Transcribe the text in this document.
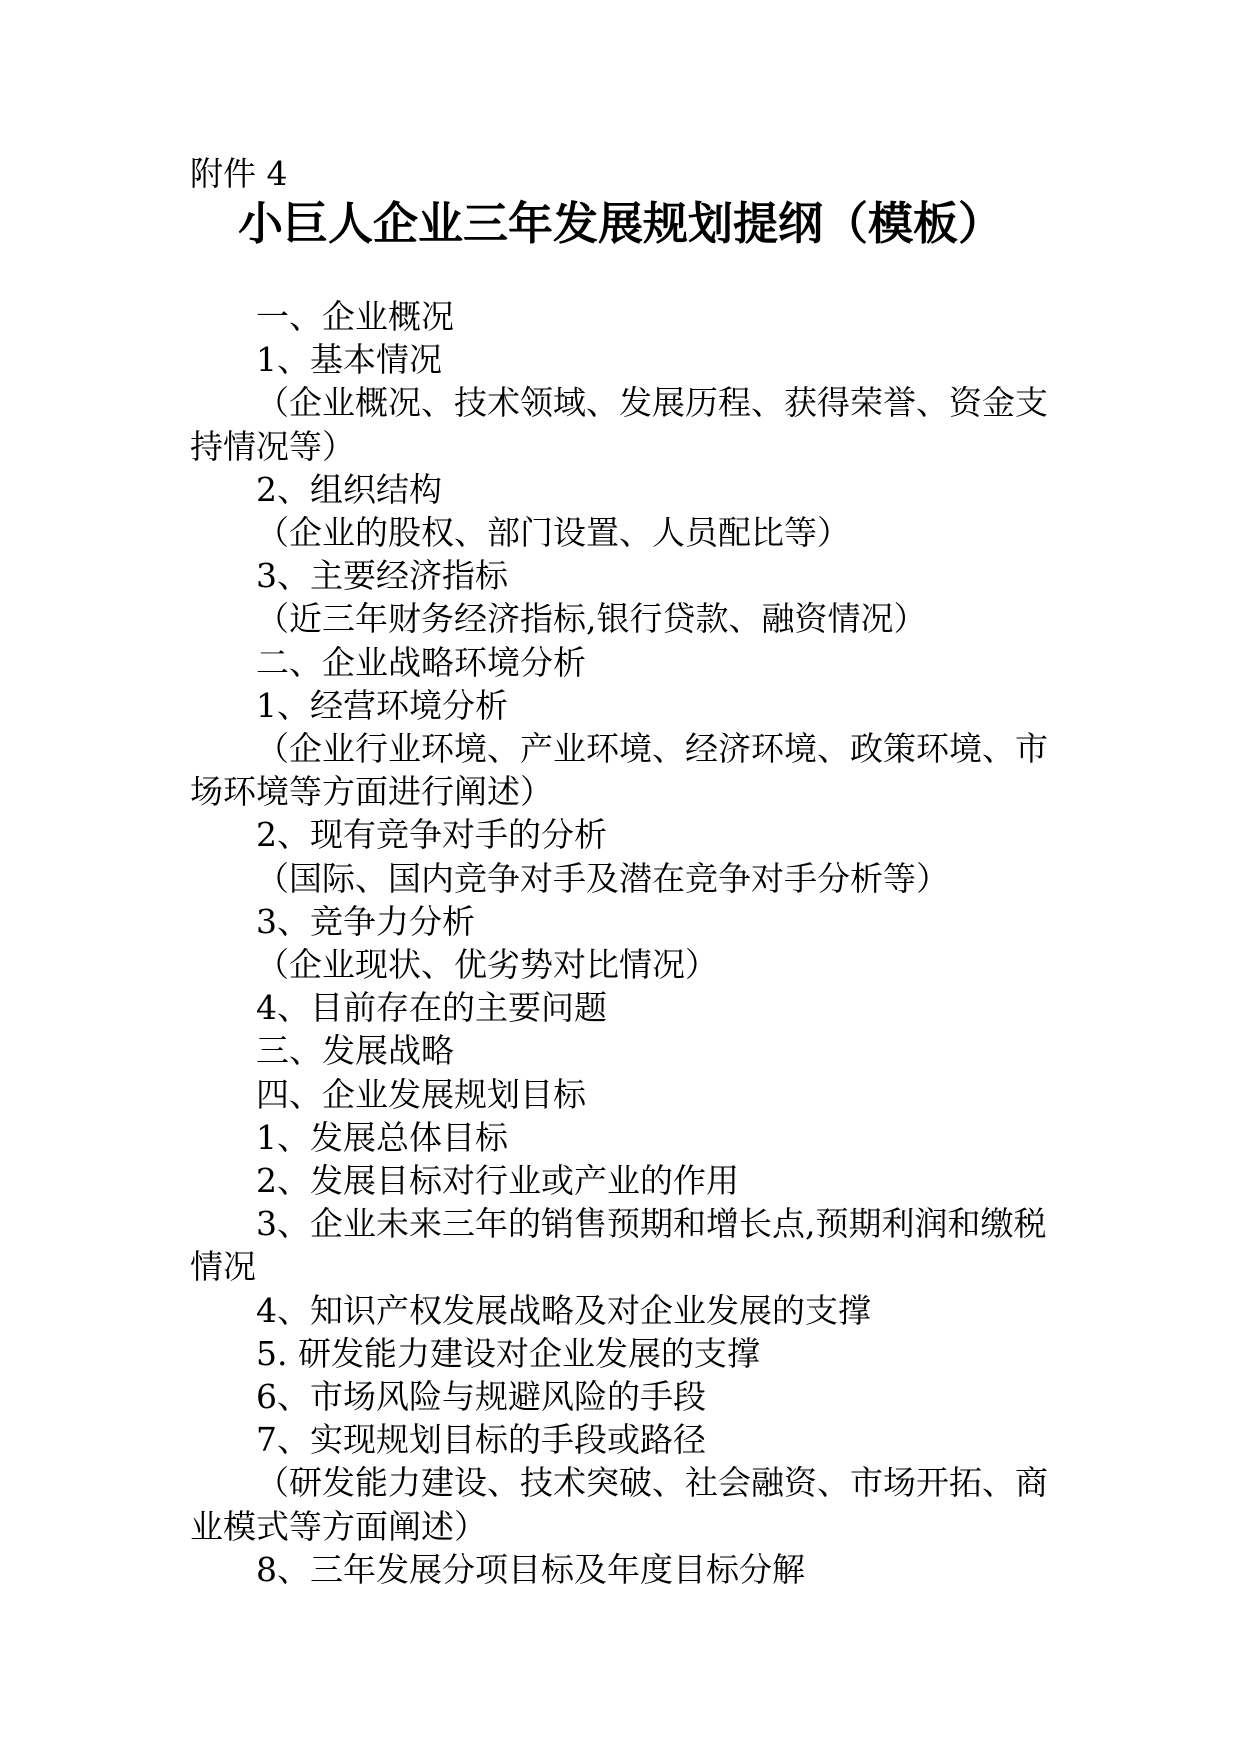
附件 4

小巨人企业三年发展规划提纲（模板）

一、企业概况

1、基本情况

（企业概况、技术领域、发展历程、获得荣誉、资金支持情况等）

2、组织结构

（企业的股权、部门设置、人员配比等）

3、主要经济指标

（近三年财务经济指标,银行贷款、融资情况）

二、企业战略环境分析

1、经营环境分析

（企业行业环境、产业环境、经济环境、政策环境、市场环境等方面进行阐述）

2、现有竞争对手的分析

（国际、国内竞争对手及潜在竞争对手分析等）

3、竞争力分析

（企业现状、优劣势对比情况）

4、目前存在的主要问题

三、发展战略

四、企业发展规划目标

1、发展总体目标

2、发展目标对行业或产业的作用

3、企业未来三年的销售预期和增长点,预期利润和缴税情况

4、知识产权发展战略及对企业发展的支撑

5. 研发能力建设对企业发展的支撑

6、市场风险与规避风险的手段

7、实现规划目标的手段或路径

（研发能力建设、技术突破、社会融资、市场开拓、商业模式等方面阐述）

8、三年发展分项目标及年度目标分解
